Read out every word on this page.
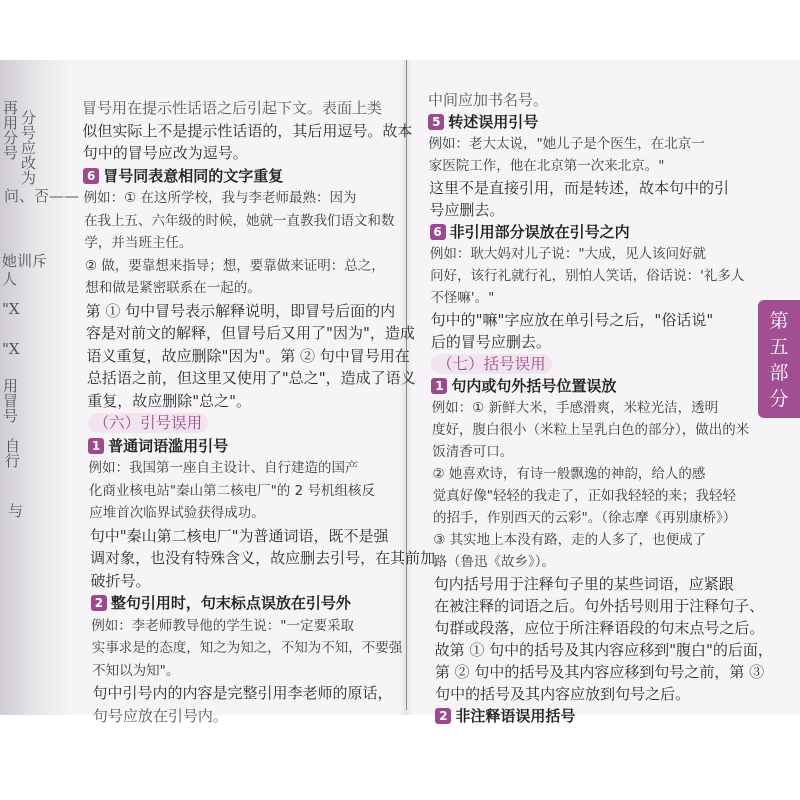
再用分号 分号应改为
问、否——
她训斥
人
"X
"X
用冒号
自行
与
冒号用在提示性话语之后引起下文。表面上类
似但实际上不是提示性话语的，其后用逗号。故本
句中的冒号应改为逗号。
6 冒号同表意相同的文字重复
例如：① 在这所学校，我与李老师最熟：因为
在我上五、六年级的时候，她就一直教我们语文和数
学，并当班主任。
② 做，要靠想来指导；想，要靠做来证明：总之，
想和做是紧密联系在一起的。
第 ① 句中冒号表示解释说明，即冒号后面的内
容是对前文的解释，但冒号后又用了"因为"，造成
语义重复，故应删除"因为"。第 ② 句中冒号用在
总括语之前，但这里又使用了"总之"，造成了语义
重复，故应删除"总之"。
（六）引号误用
1 普通词语滥用引号
例如：我国第一座自主设计、自行建造的国产
化商业核电站"秦山第二核电厂"的 2 号机组核反
应堆首次临界试验获得成功。
句中"秦山第二核电厂"为普通词语，既不是强
调对象，也没有特殊含义，故应删去引号，在其前加
破折号。
2 整句引用时，句末标点误放在引号外
例如：李老师教导他的学生说："一定要采取
实事求是的态度，知之为知之，不知为不知，不要强
不知以为知"。
句中引号内的内容是完整引用李老师的原话，
句号应放在引号内。
中间应加书名号。
5 转述误用引号
例如：老大太说，"她儿子是个医生，在北京一
家医院工作，他在北京第一次来北京。"
这里不是直接引用，而是转述，故本句中的引
号应删去。
6 非引用部分误放在引号之内
例如：耿大妈对儿子说："大成，见人该问好就
问好，该行礼就行礼，别怕人笑话，俗话说：'礼多人
不怪嘛'。"
句中的"嘛"字应放在单引号之后，"俗话说"
后的冒号应删去。
（七）括号误用
1 句内或句外括号位置误放
例如：① 新鲜大米，手感滑爽，米粒光洁，透明
度好，腹白很小（米粒上呈乳白色的部分），做出的米
饭清香可口。
② 她喜欢诗，有诗一般飘逸的神韵，给人的感
觉真好像"轻轻的我走了，正如我轻轻的来；我轻轻
的招手，作别西天的云彩"。（徐志摩《再别康桥》）
③ 其实地上本没有路，走的人多了，也便成了
路（鲁迅《故乡》）。
句内括号用于注释句子里的某些词语，应紧跟
在被注释的词语之后。句外括号则用于注释句子、
句群或段落，应位于所注释语段的句末点号之后。
故第 ① 句中的括号及其内容应移到"腹白"的后面，
第 ② 句中的括号及其内容应移到句号之前，第 ③
句中的括号及其内容应放到句号之后。
2 非注释语误用括号
第五部分
